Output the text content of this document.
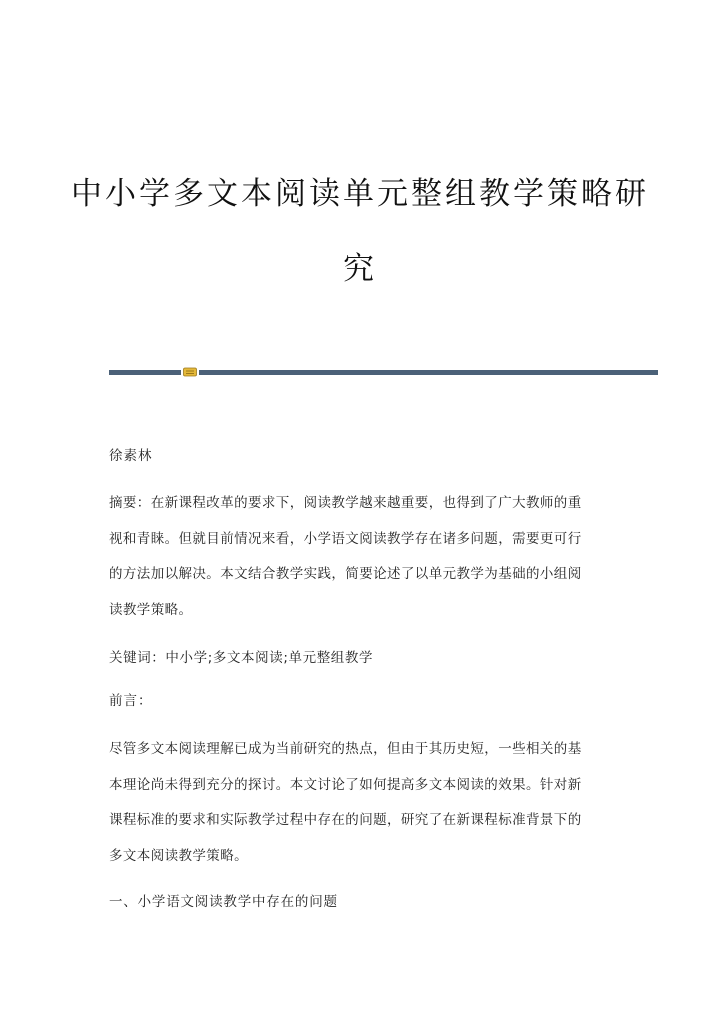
中小学多文本阅读单元整组教学策略研
究

徐素林

摘要：在新课程改革的要求下，阅读教学越来越重要，也得到了广大教师的重
视和青睐。但就目前情况来看，小学语文阅读教学存在诸多问题，需要更可行
的方法加以解决。本文结合教学实践，简要论述了以单元教学为基础的小组阅
读教学策略。

关键词：中小学;多文本阅读;单元整组教学

前言：

尽管多文本阅读理解已成为当前研究的热点，但由于其历史短，一些相关的基
本理论尚未得到充分的探讨。本文讨论了如何提高多文本阅读的效果。针对新
课程标准的要求和实际教学过程中存在的问题，研究了在新课程标准背景下的
多文本阅读教学策略。

一、小学语文阅读教学中存在的问题
